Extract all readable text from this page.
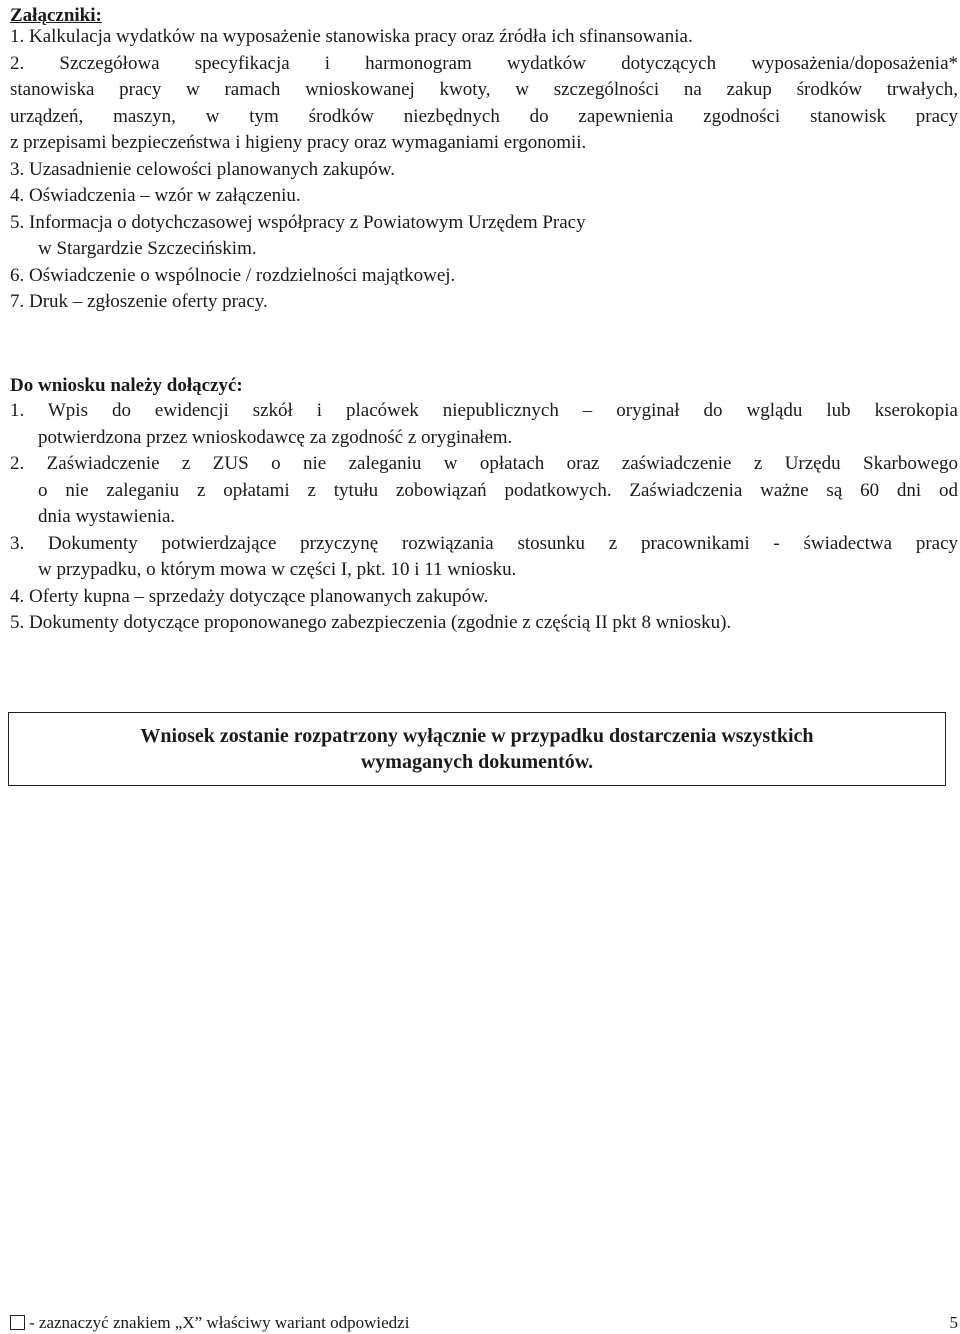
Załączniki:
1. Kalkulacja wydatków na wyposażenie stanowiska pracy oraz źródła ich sfinansowania.
2. Szczegółowa specyfikacja i harmonogram wydatków dotyczących wyposażenia/doposażenia*
stanowiska pracy w ramach wnioskowanej kwoty, w szczególności na zakup środków trwałych,
urządzeń, maszyn, w tym środków niezbędnych do zapewnienia zgodności stanowisk pracy
z przepisami bezpieczeństwa i higieny pracy oraz wymaganiami ergonomii.
3. Uzasadnienie celowości planowanych zakupów.
4. Oświadczenia – wzór w załączeniu.
5. Informacja o dotychczasowej współpracy z Powiatowym Urzędem Pracy
w Stargardzie Szczecińskim.
6. Oświadczenie o wspólnocie / rozdzielności majątkowej.
7. Druk – zgłoszenie oferty pracy.
Do wniosku należy dołączyć:
1. Wpis do ewidencji szkół i placówek niepublicznych – oryginał do wglądu lub kserokopia
potwierdzona przez wnioskodawcę za zgodność z oryginałem.
2. Zaświadczenie z ZUS o nie zaleganiu w opłatach oraz zaświadczenie z Urzędu Skarbowego
o nie zaleganiu z opłatami z tytułu zobowiązań podatkowych. Zaświadczenia ważne są 60 dni od
dnia wystawienia.
3. Dokumenty potwierdzające przyczynę rozwiązania stosunku z pracownikami - świadectwa pracy
w przypadku, o którym mowa w części I, pkt. 10 i 11 wniosku.
4. Oferty kupna – sprzedaży dotyczące planowanych zakupów.
5. Dokumenty dotyczące proponowanego zabezpieczenia (zgodnie z częścią II pkt 8 wniosku).
Wniosek zostanie rozpatrzony wyłącznie w przypadku dostarczenia wszystkich
wymaganych dokumentów.
- zaznaczyć znakiem „X” właściwy wariant odpowiedzi	5
